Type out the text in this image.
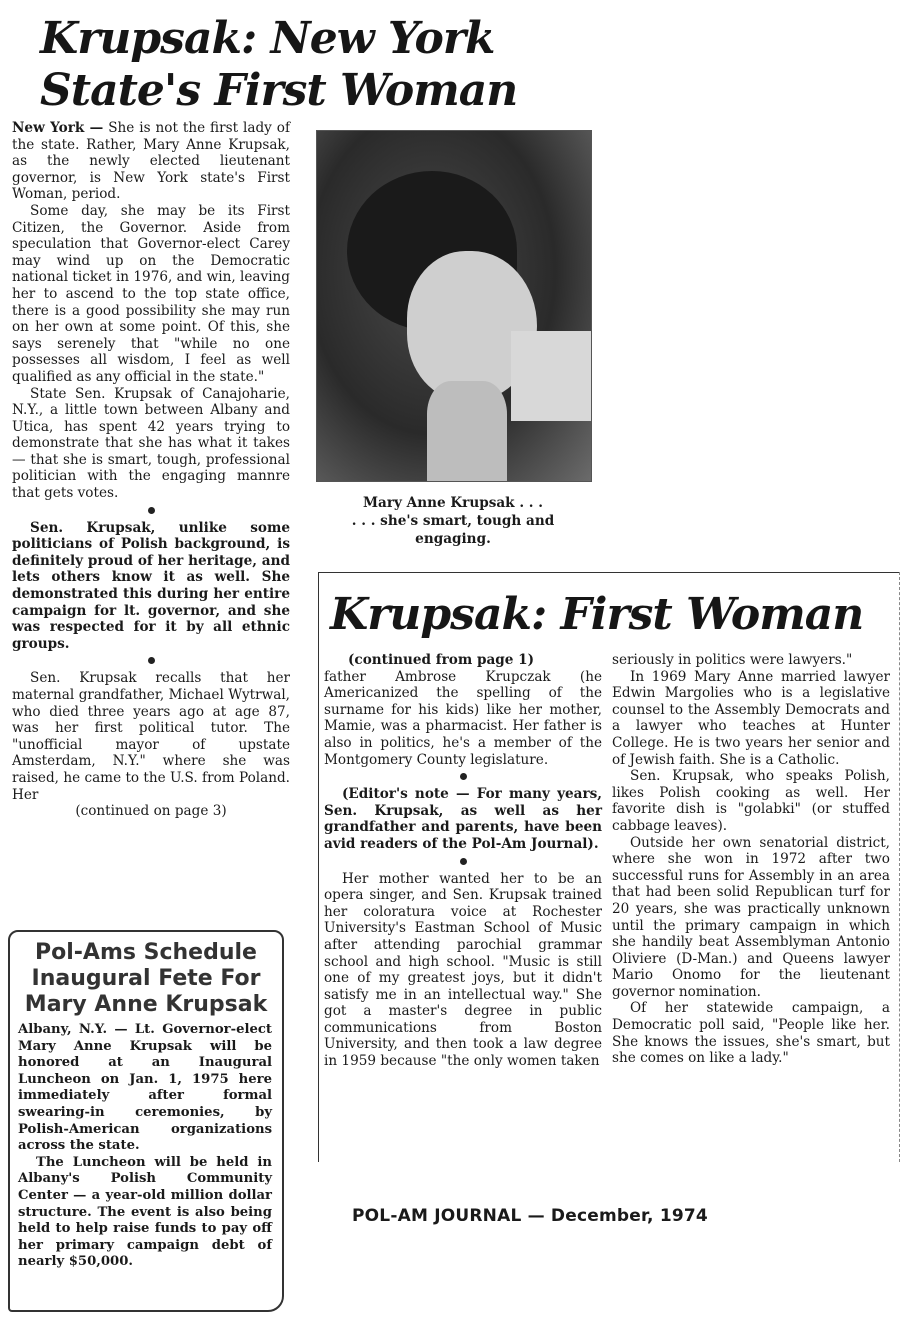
Krupsak: New York
State's First Woman

New York — She is not the first lady of the state. Rather, Mary Anne Krupsak, as the newly elected lieutenant governor, is New York state's First Woman, period.

Some day, she may be its First Citizen, the Governor. Aside from speculation that Governor-elect Carey may wind up on the Democratic national ticket in 1976, and win, leaving her to ascend to the top state office, there is a good possibility she may run on her own at some point. Of this, she says serenely that "while no one possesses all wisdom, I feel as well qualified as any official in the state."

State Sen. Krupsak of Canajoharie, N.Y., a little town between Albany and Utica, has spent 42 years trying to demonstrate that she has what it takes — that she is smart, tough, professional politician with the engaging mannre that gets votes.

Sen. Krupsak, unlike some politicians of Polish background, is definitely proud of her heritage, and lets others know it as well. She demonstrated this during her entire campaign for lt. governor, and she was respected for it by all ethnic groups.

Sen. Krupsak recalls that her maternal grandfather, Michael Wytrwal, who died three years ago at age 87, was her first political tutor. The "unofficial mayor of upstate Amsterdam, N.Y." where she was raised, he came to the U.S. from Poland. Her

(continued on page 3)

Mary Anne Krupsak . . .
. . . she's smart, tough and engaging.
Krupsak: First Woman

(continued from page 1)

father Ambrose Krupczak (he Americanized the spelling of the surname for his kids) like her mother, Mamie, was a pharmacist. Her father is also in politics, he's a member of the Montgomery County legislature.

(Editor's note — For many years, Sen. Krupsak, as well as her grandfather and parents, have been avid readers of the Pol-Am Journal).

Her mother wanted her to be an opera singer, and Sen. Krupsak trained her coloratura voice at Rochester University's Eastman School of Music after attending parochial grammar school and high school. "Music is still one of my greatest joys, but it didn't satisfy me in an intellectual way." She got a master's degree in public communications from Boston University, and then took a law degree in 1959 because "the only women taken

seriously in politics were lawyers."

In 1969 Mary Anne married lawyer Edwin Margolies who is a legislative counsel to the Assembly Democrats and a lawyer who teaches at Hunter College. He is two years her senior and of Jewish faith. She is a Catholic.

Sen. Krupsak, who speaks Polish, likes Polish cooking as well. Her favorite dish is "golabki" (or stuffed cabbage leaves).

Outside her own senatorial district, where she won in 1972 after two successful runs for Assembly in an area that had been solid Republican turf for 20 years, she was practically unknown until the primary campaign in which she handily beat Assemblyman Antonio Oliviere (D-Man.) and Queens lawyer Mario Onomo for the lieutenant governor nomination.

Of her statewide campaign, a Democratic poll said, "People like her. She knows the issues, she's smart, but she comes on like a lady."

Pol-Ams Schedule
Inaugural Fete For
Mary Anne Krupsak

Albany, N.Y. — Lt. Governor-elect Mary Anne Krupsak will be honored at an Inaugural Luncheon on Jan. 1, 1975 here immediately after formal swearing-in ceremonies, by Polish-American organizations across the state.

The Luncheon will be held in Albany's Polish Community Center — a year-old million dollar structure. The event is also being held to help raise funds to pay off her primary campaign debt of nearly $50,000.

POL-AM JOURNAL — December, 1974
